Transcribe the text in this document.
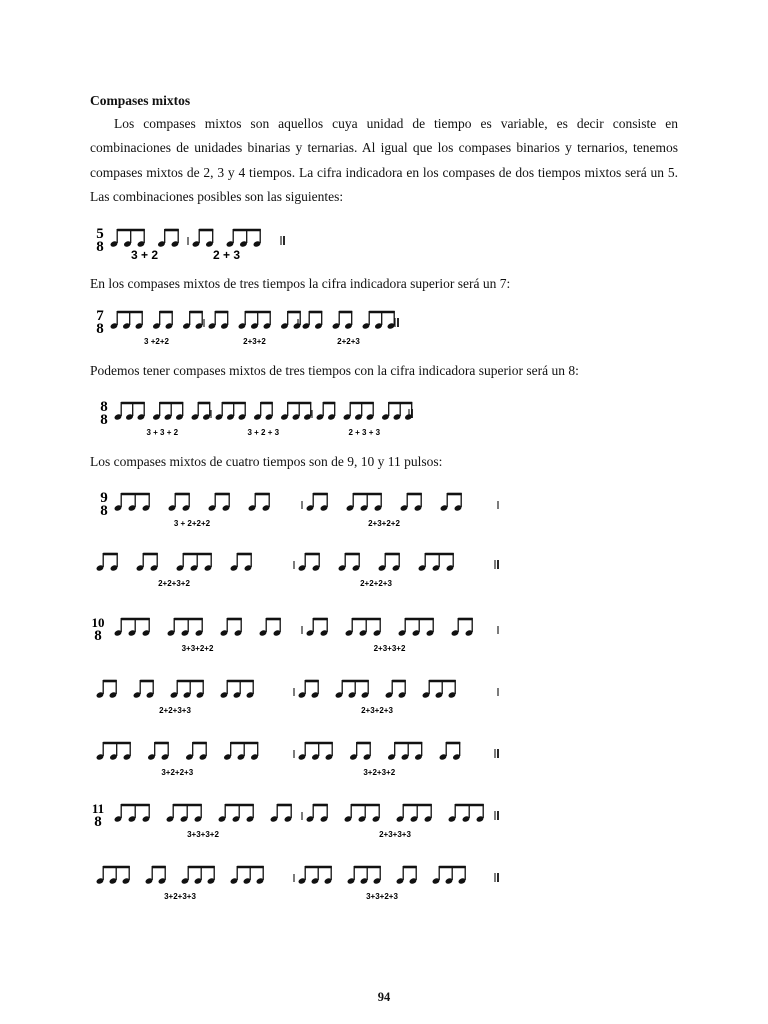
Compases mixtos

Los compases mixtos son aquellos cuya unidad de tiempo es variable, es decir consiste en combinaciones de unidades binarias y ternarias. Al igual que los compases binarios y ternarios, tenemos compases mixtos de 2, 3 y 4 tiempos. La cifra indicadora en los compases de dos tiempos mixtos será un 5. Las combinaciones posibles son las siguientes:

En los compases mixtos de tres tiempos la cifra indicadora superior será un 7:
Podemos tener compases mixtos de tres tiempos con la cifra indicadora superior será un 8:
Los compases mixtos de cuatro tiempos son de 9, 10 y 11 pulsos:
5
8 3 + 2	2 + 3
7
8
3 +2+2	2+3+2	2+2+3
8
8
3 + 3 + 2	3 + 2 + 3	2 + 3 + 3
9
8
3 + 2+2+2	2+3+2+2
2+2+3+2	2+2+2+3
10
8
3+3+2+2	2+3+3+2
2+2+3+3	2+3+2+3
3+2+2+3	3+2+3+2
11
8
3+3+3+2	2+3+3+3
3+2+3+3	3+3+2+3
94
